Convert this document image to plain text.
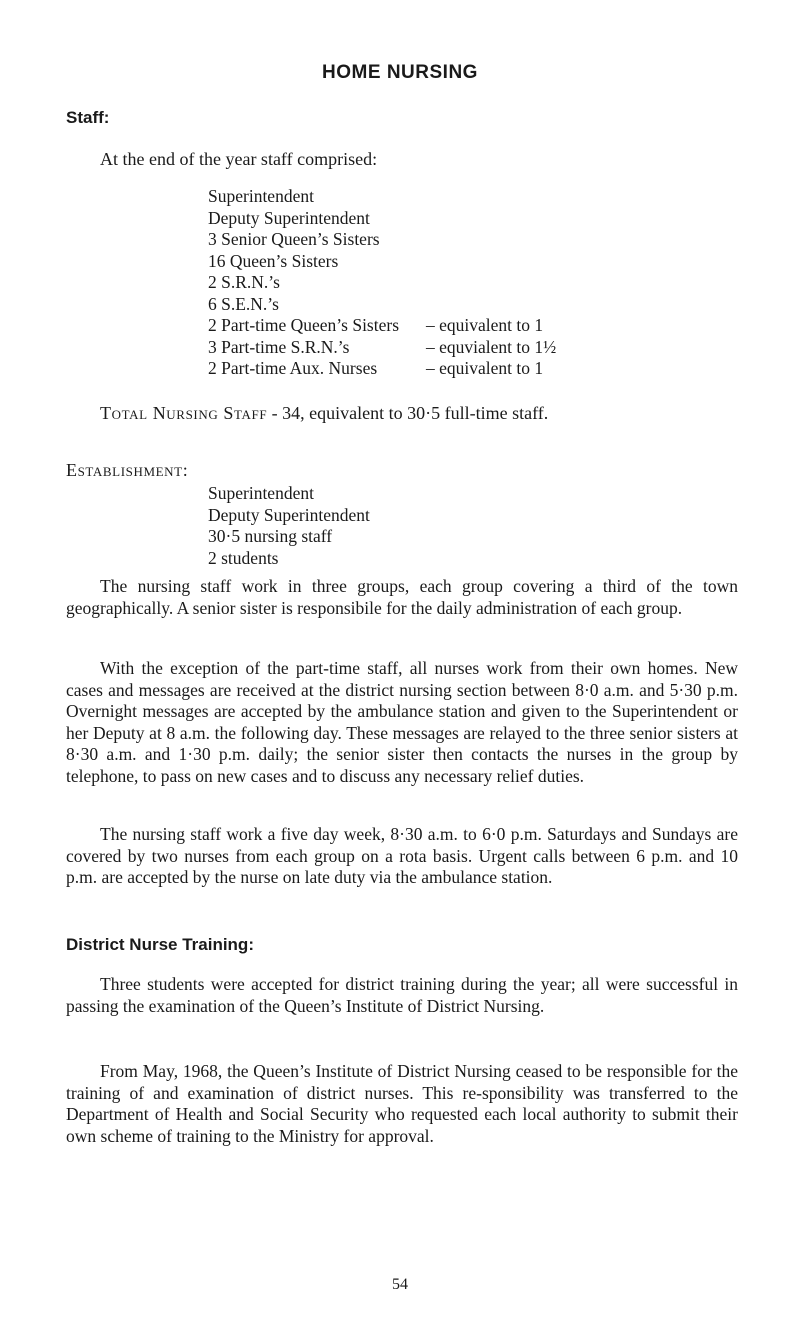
HOME NURSING
Staff:
At the end of the year staff comprised:
Superintendent
Deputy Superintendent
3 Senior Queen’s Sisters
16 Queen’s Sisters
2 S.R.N.’s
6 S.E.N.’s
2 Part-time Queen’s Sisters – equivalent to 1
3 Part-time S.R.N.’s	– equvialent to 1½
2 Part-time Aux. Nurses	– equivalent to 1
Total Nursing Staff - 34, equivalent to 30·5 full-time staff.
Establishment:
Superintendent
Deputy Superintendent
30·5 nursing staff
2 students
The nursing staff work in three groups, each group covering a third of the town geographically. A senior sister is responsibile for the daily administration of each group.
With the exception of the part-time staff, all nurses work from their own homes. New cases and messages are received at the district nursing section between 8·0 a.m. and 5·30 p.m. Overnight messages are accepted by the ambulance station and given to the Superintendent or her Deputy at 8 a.m. the following day. These messages are relayed to the three senior sisters at 8·30 a.m. and 1·30 p.m. daily; the senior sister then contacts the nurses in the group by telephone, to pass on new cases and to discuss any necessary relief duties.
The nursing staff work a five day week, 8·30 a.m. to 6·0 p.m. Saturdays and Sundays are covered by two nurses from each group on a rota basis. Urgent calls between 6 p.m. and 10 p.m. are accepted by the nurse on late duty via the ambulance station.
District Nurse Training:
Three students were accepted for district training during the year; all were successful in passing the examination of the Queen’s Institute of District Nursing.
From May, 1968, the Queen’s Institute of District Nursing ceased to be responsible for the training of and examination of district nurses. This re-sponsibility was transferred to the Department of Health and Social Security who requested each local authority to submit their own scheme of training to the Ministry for approval.
54
